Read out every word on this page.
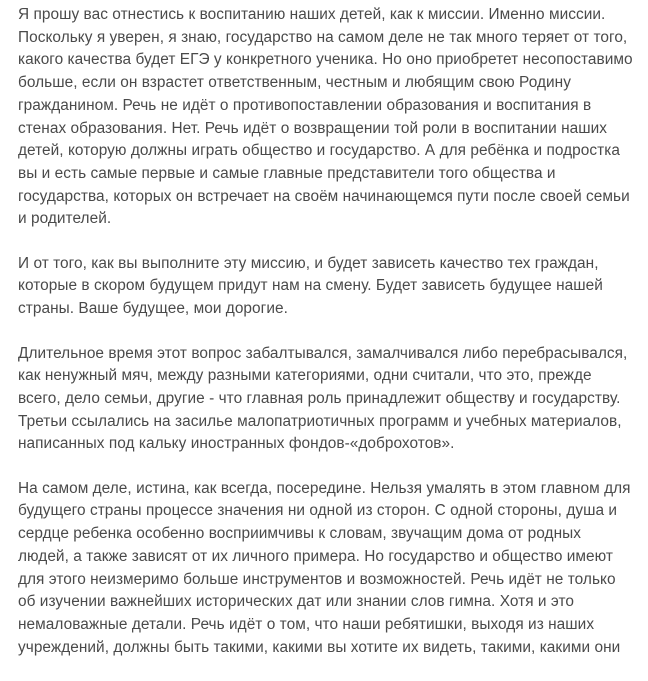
Я прошу вас отнестись к воспитанию наших детей, как к миссии. Именно миссии.
Поскольку я уверен, я знаю, государство на самом деле не так много теряет от того,
какого качества будет ЕГЭ у конкретного ученика. Но оно приобретет несопоставимо
больше, если он взрастет ответственным, честным и любящим свою Родину
гражданином. Речь не идёт о противопоставлении образования и воспитания в
стенах образования. Нет. Речь идёт о возвращении той роли в воспитании наших
детей, которую должны играть общество и государство. А для ребёнка и подростка
вы и есть самые первые и самые главные представители того общества и
государства, которых он встречает на своём начинающемся пути после своей семьи
и родителей.

И от того, как вы выполните эту миссию, и будет зависеть качество тех граждан,
которые в скором будущем придут нам на смену. Будет зависеть будущее нашей
страны. Ваше будущее, мои дорогие.

Длительное время этот вопрос забалтывался, замалчивался либо перебрасывался,
как ненужный мяч, между разными категориями, одни считали, что это, прежде
всего, дело семьи, другие - что главная роль принадлежит обществу и государству.
Третьи ссылались на засилье малопатриотичных программ и учебных материалов,
написанных под кальку иностранных фондов-«доброхотов».

На самом деле, истина, как всегда, посередине. Нельзя умалять в этом главном для
будущего страны процессе значения ни одной из сторон. С одной стороны, душа и
сердце ребенка особенно восприимчивы к словам, звучащим дома от родных
людей, а также зависят от их личного примера. Но государство и общество имеют
для этого неизмеримо больше инструментов и возможностей. Речь идёт не только
об изучении важнейших исторических дат или знании слов гимна. Хотя и это
немаловажные детали. Речь идёт о том, что наши ребятишки, выходя из наших
учреждений, должны быть такими, какими вы хотите их видеть, такими, какими они
